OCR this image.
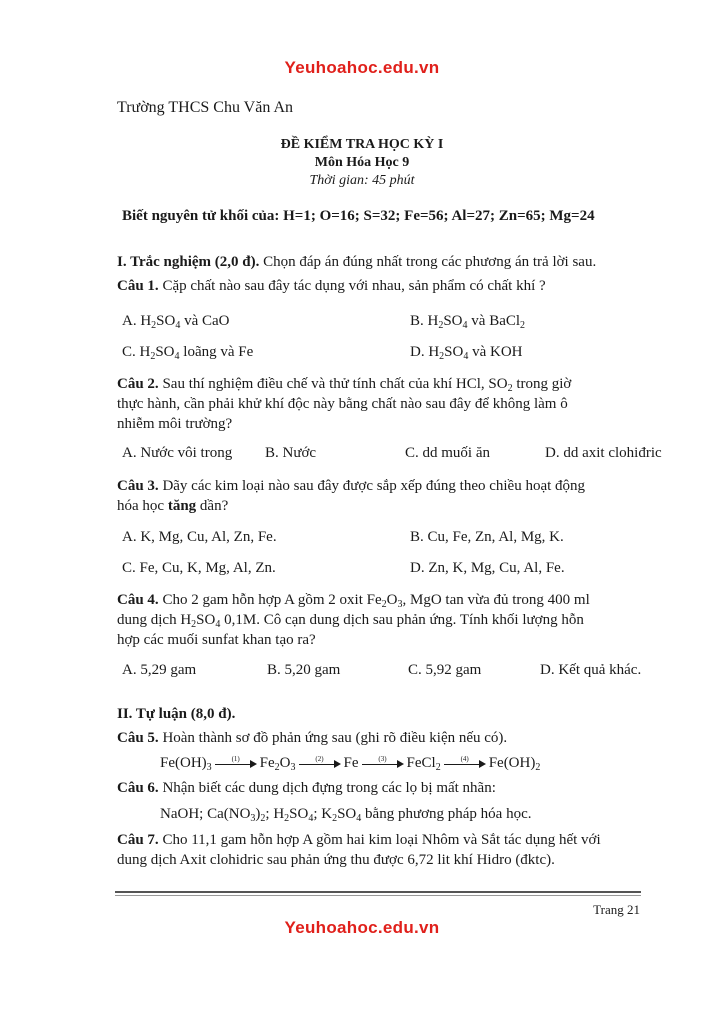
Yeuhoahoc.edu.vn
Trường THCS Chu Văn An
ĐỀ KIỂM TRA HỌC KỲ I
Môn Hóa Học 9
Thời gian: 45 phút
Biết nguyên tử khối của: H=1; O=16; S=32; Fe=56; Al=27; Zn=65; Mg=24
I. Trắc nghiệm (2,0 đ). Chọn đáp án đúng nhất trong các phương án trả lời sau.
Câu 1. Cặp chất nào sau đây tác dụng với nhau, sản phẩm có chất khí ?
A. $H_2SO_4$ và CaO	B. $H_2SO_4$ và BaCl$_2$
C. $H_2SO_4$ loãng và Fe	D. $H_2SO_4$ và KOH
Câu 2. Sau thí nghiệm điều chế và thử tính chất của khí HCl, $SO_2$ trong giờ
thực hành, cần phải khử khí độc này bằng chất nào sau đây để không làm ô
nhiễm môi trường?
A. Nước vôi trong B. Nước	C. dd muối ăn	D. dd axit clohiđric
Câu 3. Dãy các kim loại nào sau đây được sắp xếp đúng theo chiều hoạt động
hóa học tăng dần?
A. K, Mg, Cu, Al, Zn, Fe.	B. Cu, Fe, Zn, Al, Mg, K.
C. Fe, Cu, K, Mg, Al, Zn.	D. Zn, K, Mg, Cu, Al, Fe.
Câu 4. Cho 2 gam hỗn hợp A gồm 2 oxit $Fe_2O_3$, MgO tan vừa đủ trong 400 ml
dung dịch $H_2SO_4$ 0,1M. Cô cạn dung dịch sau phản ứng. Tính khối lượng hỗn
hợp các muối sunfat khan tạo ra?
A. 5,29 gam	B. 5,20 gam	C. 5,92 gam	D. Kết quả khác.
II. Tự luận (8,0 đ).
Câu 5. Hoàn thành sơ đồ phản ứng sau (ghi rõ điều kiện nếu có).
$Fe(OH)_3$
(1)	$Fe_2O_3$
(2)	Fe	(3)	FeCl$_2$
(4)	$Fe(OH)_2$
Câu 6. Nhận biết các dung dịch đựng trong các lọ bị mất nhãn:
NaOH; $Ca(NO_3)_2$; $H_2SO_4$; $K_2SO_4$ bằng phương pháp hóa học.
Câu 7. Cho 11,1 gam hỗn hợp A gồm hai kim loại Nhôm và Sắt tác dụng hết với
dung dịch Axit clohidric sau phản ứng thu được 6,72 lit khí Hidro (đktc).
Trang 21
Yeuhoahoc.edu.vn
